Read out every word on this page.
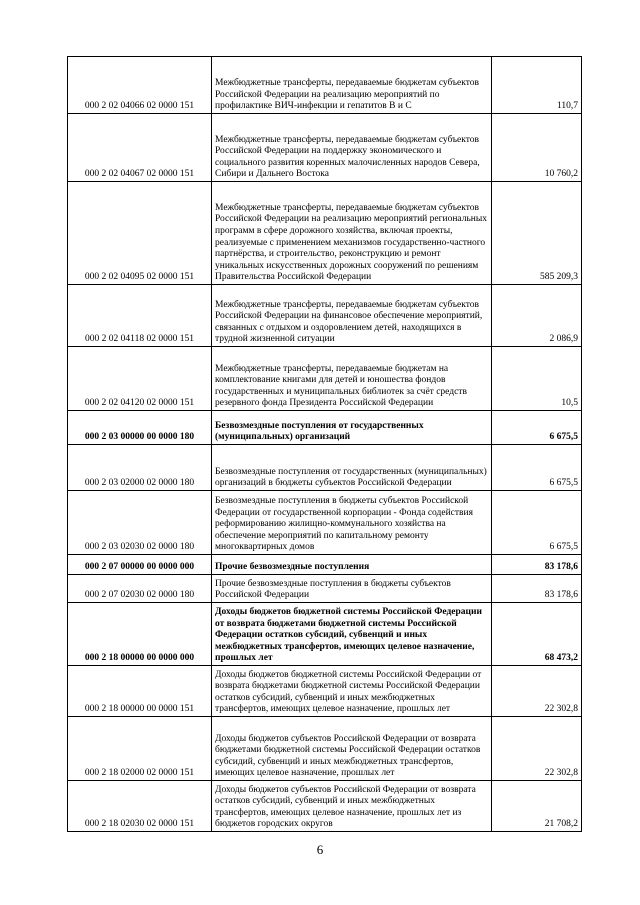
000 2 02 04066 02 0000 151	Межбюджетные трансферты, передаваемые бюджетам субъектов Российской Федерации на реализацию мероприятий по профилактике ВИЧ-инфекции и гепатитов В и С	110,7
000 2 02 04067 02 0000 151	Межбюджетные трансферты, передаваемые бюджетам субъектов Российской Федерации на поддержку экономического и социального развития коренных малочисленных народов Севера, Сибири и Дальнего Востока	10 760,2
000 2 02 04095 02 0000 151	Межбюджетные трансферты, передаваемые бюджетам субъектов Российской Федерации на реализацию мероприятий региональных программ в сфере дорожного хозяйства, включая проекты, реализуемые с применением механизмов государственно-частного партнёрства, и строительство, реконструкцию и ремонт уникальных искусственных дорожных сооружений по решениям Правительства Российской Федерации	585 209,3
000 2 02 04118 02 0000 151	Межбюджетные трансферты, передаваемые бюджетам субъектов Российской Федерации на финансовое обеспечение мероприятий, связанных с отдыхом и оздоровлением детей, находящихся в трудной жизненной ситуации	2 086,9
000 2 02 04120 02 0000 151	Межбюджетные трансферты, передаваемые бюджетам на комплектование книгами для детей и юношества фондов государственных и муниципальных библиотек за счёт средств резервного фонда Президента Российской Федерации	10,5
000 2 03 00000 00 0000 180	Безвозмездные поступления от государственных (муниципальных) организаций	6 675,5
000 2 03 02000 02 0000 180	Безвозмездные поступления от государственных (муниципальных) организаций в бюджеты субъектов Российской Федерации	6 675,5
000 2 03 02030 02 0000 180	Безвозмездные поступления в бюджеты субъектов Российской Федерации от государственной корпорации - Фонда содействия реформированию жилищно-коммунального хозяйства на обеспечение мероприятий по капитальному ремонту многоквартирных домов	6 675,5
000 2 07 00000 00 0000 000	Прочие безвозмездные поступления	83 178,6
000 2 07 02030 02 0000 180	Прочие безвозмездные поступления в бюджеты субъектов Российской Федерации	83 178,6
000 2 18 00000 00 0000 000	Доходы бюджетов бюджетной системы Российской Федерации от возврата бюджетами бюджетной системы Российской Федерации остатков субсидий, субвенций и иных межбюджетных трансфертов, имеющих целевое назначение, прошлых лет	68 473,2
000 2 18 00000 00 0000 151	Доходы бюджетов бюджетной системы Российской Федерации от возврата бюджетами бюджетной системы Российской Федерации остатков субсидий, субвенций и иных межбюджетных трансфертов, имеющих целевое назначение, прошлых лет	22 302,8
000 2 18 02000 02 0000 151	Доходы бюджетов субъектов Российской Федерации от возврата бюджетами бюджетной системы Российской Федерации остатков субсидий, субвенций и иных межбюджетных трансфертов, имеющих целевое назначение, прошлых лет	22 302,8
000 2 18 02030 02 0000 151	Доходы бюджетов субъектов Российской Федерации от возврата остатков субсидий, субвенций и иных межбюджетных трансфертов, имеющих целевое назначение, прошлых лет из бюджетов городских округов	21 708,2
6
